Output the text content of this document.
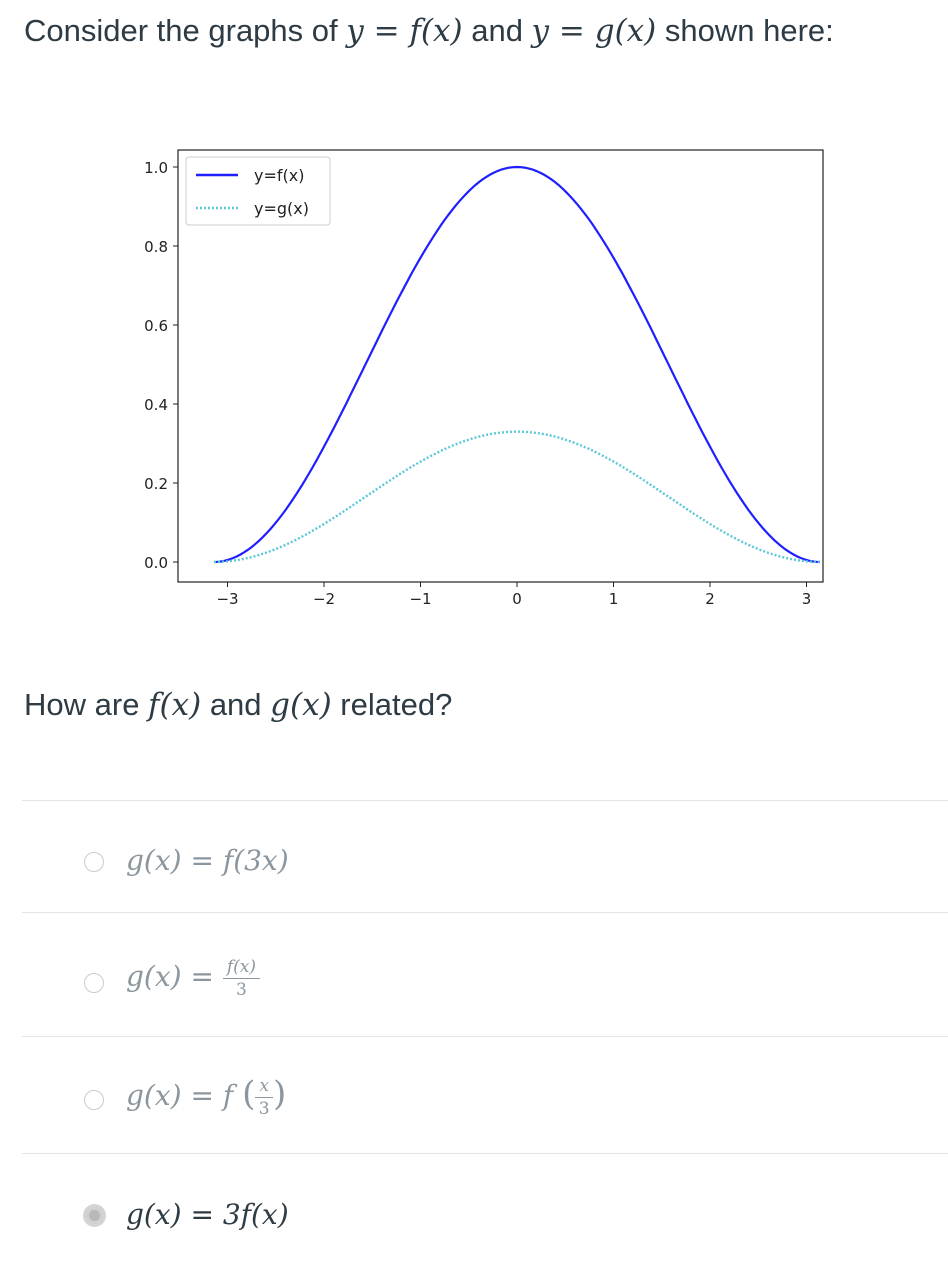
Consider the graphs of y = f(x) and y = g(x) shown here:
0.0
0.2
0.4
0.6
0.8
1.0
−3	−2	−1	0	1	2	3
y=f(x)
y=g(x)
How are f(x) and g(x) related?
g(x) = f(3x)
$g(x) = \frac{f(x)}{3}$
g(x) = f ( $\frac{x}{3}$ )
g(x) = 3f(x)
